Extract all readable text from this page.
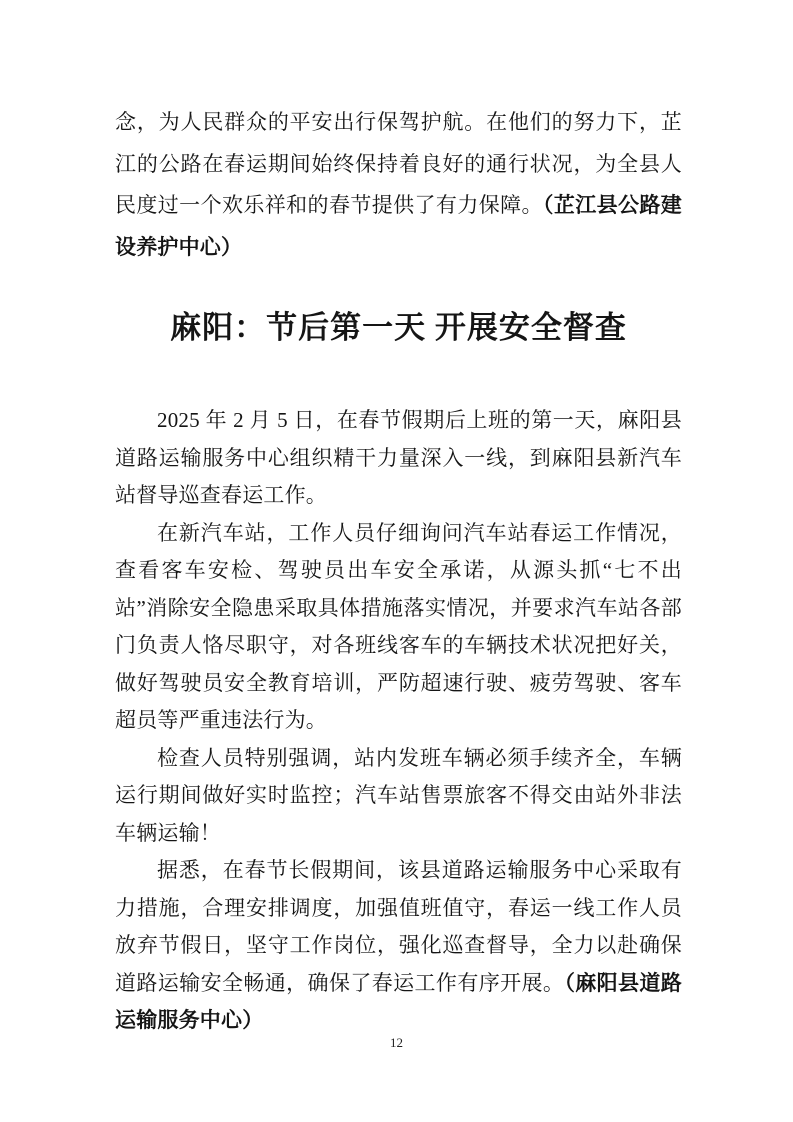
念，为人民群众的平安出行保驾护航。在他们的努力下，芷江的公路在春运期间始终保持着良好的通行状况，为全县人民度过一个欢乐祥和的春节提供了有力保障。（芷江县公路建设养护中心）

麻阳：节后第一天 开展安全督查

2025 年 2 月 5 日，在春节假期后上班的第一天，麻阳县道路运输服务中心组织精干力量深入一线，到麻阳县新汽车站督导巡查春运工作。

在新汽车站，工作人员仔细询问汽车站春运工作情况，查看客车安检、驾驶员出车安全承诺，从源头抓“七不出站”消除安全隐患采取具体措施落实情况，并要求汽车站各部门负责人恪尽职守，对各班线客车的车辆技术状况把好关，做好驾驶员安全教育培训，严防超速行驶、疲劳驾驶、客车超员等严重违法行为。

检查人员特别强调，站内发班车辆必须手续齐全，车辆运行期间做好实时监控；汽车站售票旅客不得交由站外非法车辆运输！

据悉，在春节长假期间，该县道路运输服务中心采取有力措施，合理安排调度，加强值班值守，春运一线工作人员放弃节假日，坚守工作岗位，强化巡查督导，全力以赴确保道路运输安全畅通，确保了春运工作有序开展。（麻阳县道路运输服务中心）

12
